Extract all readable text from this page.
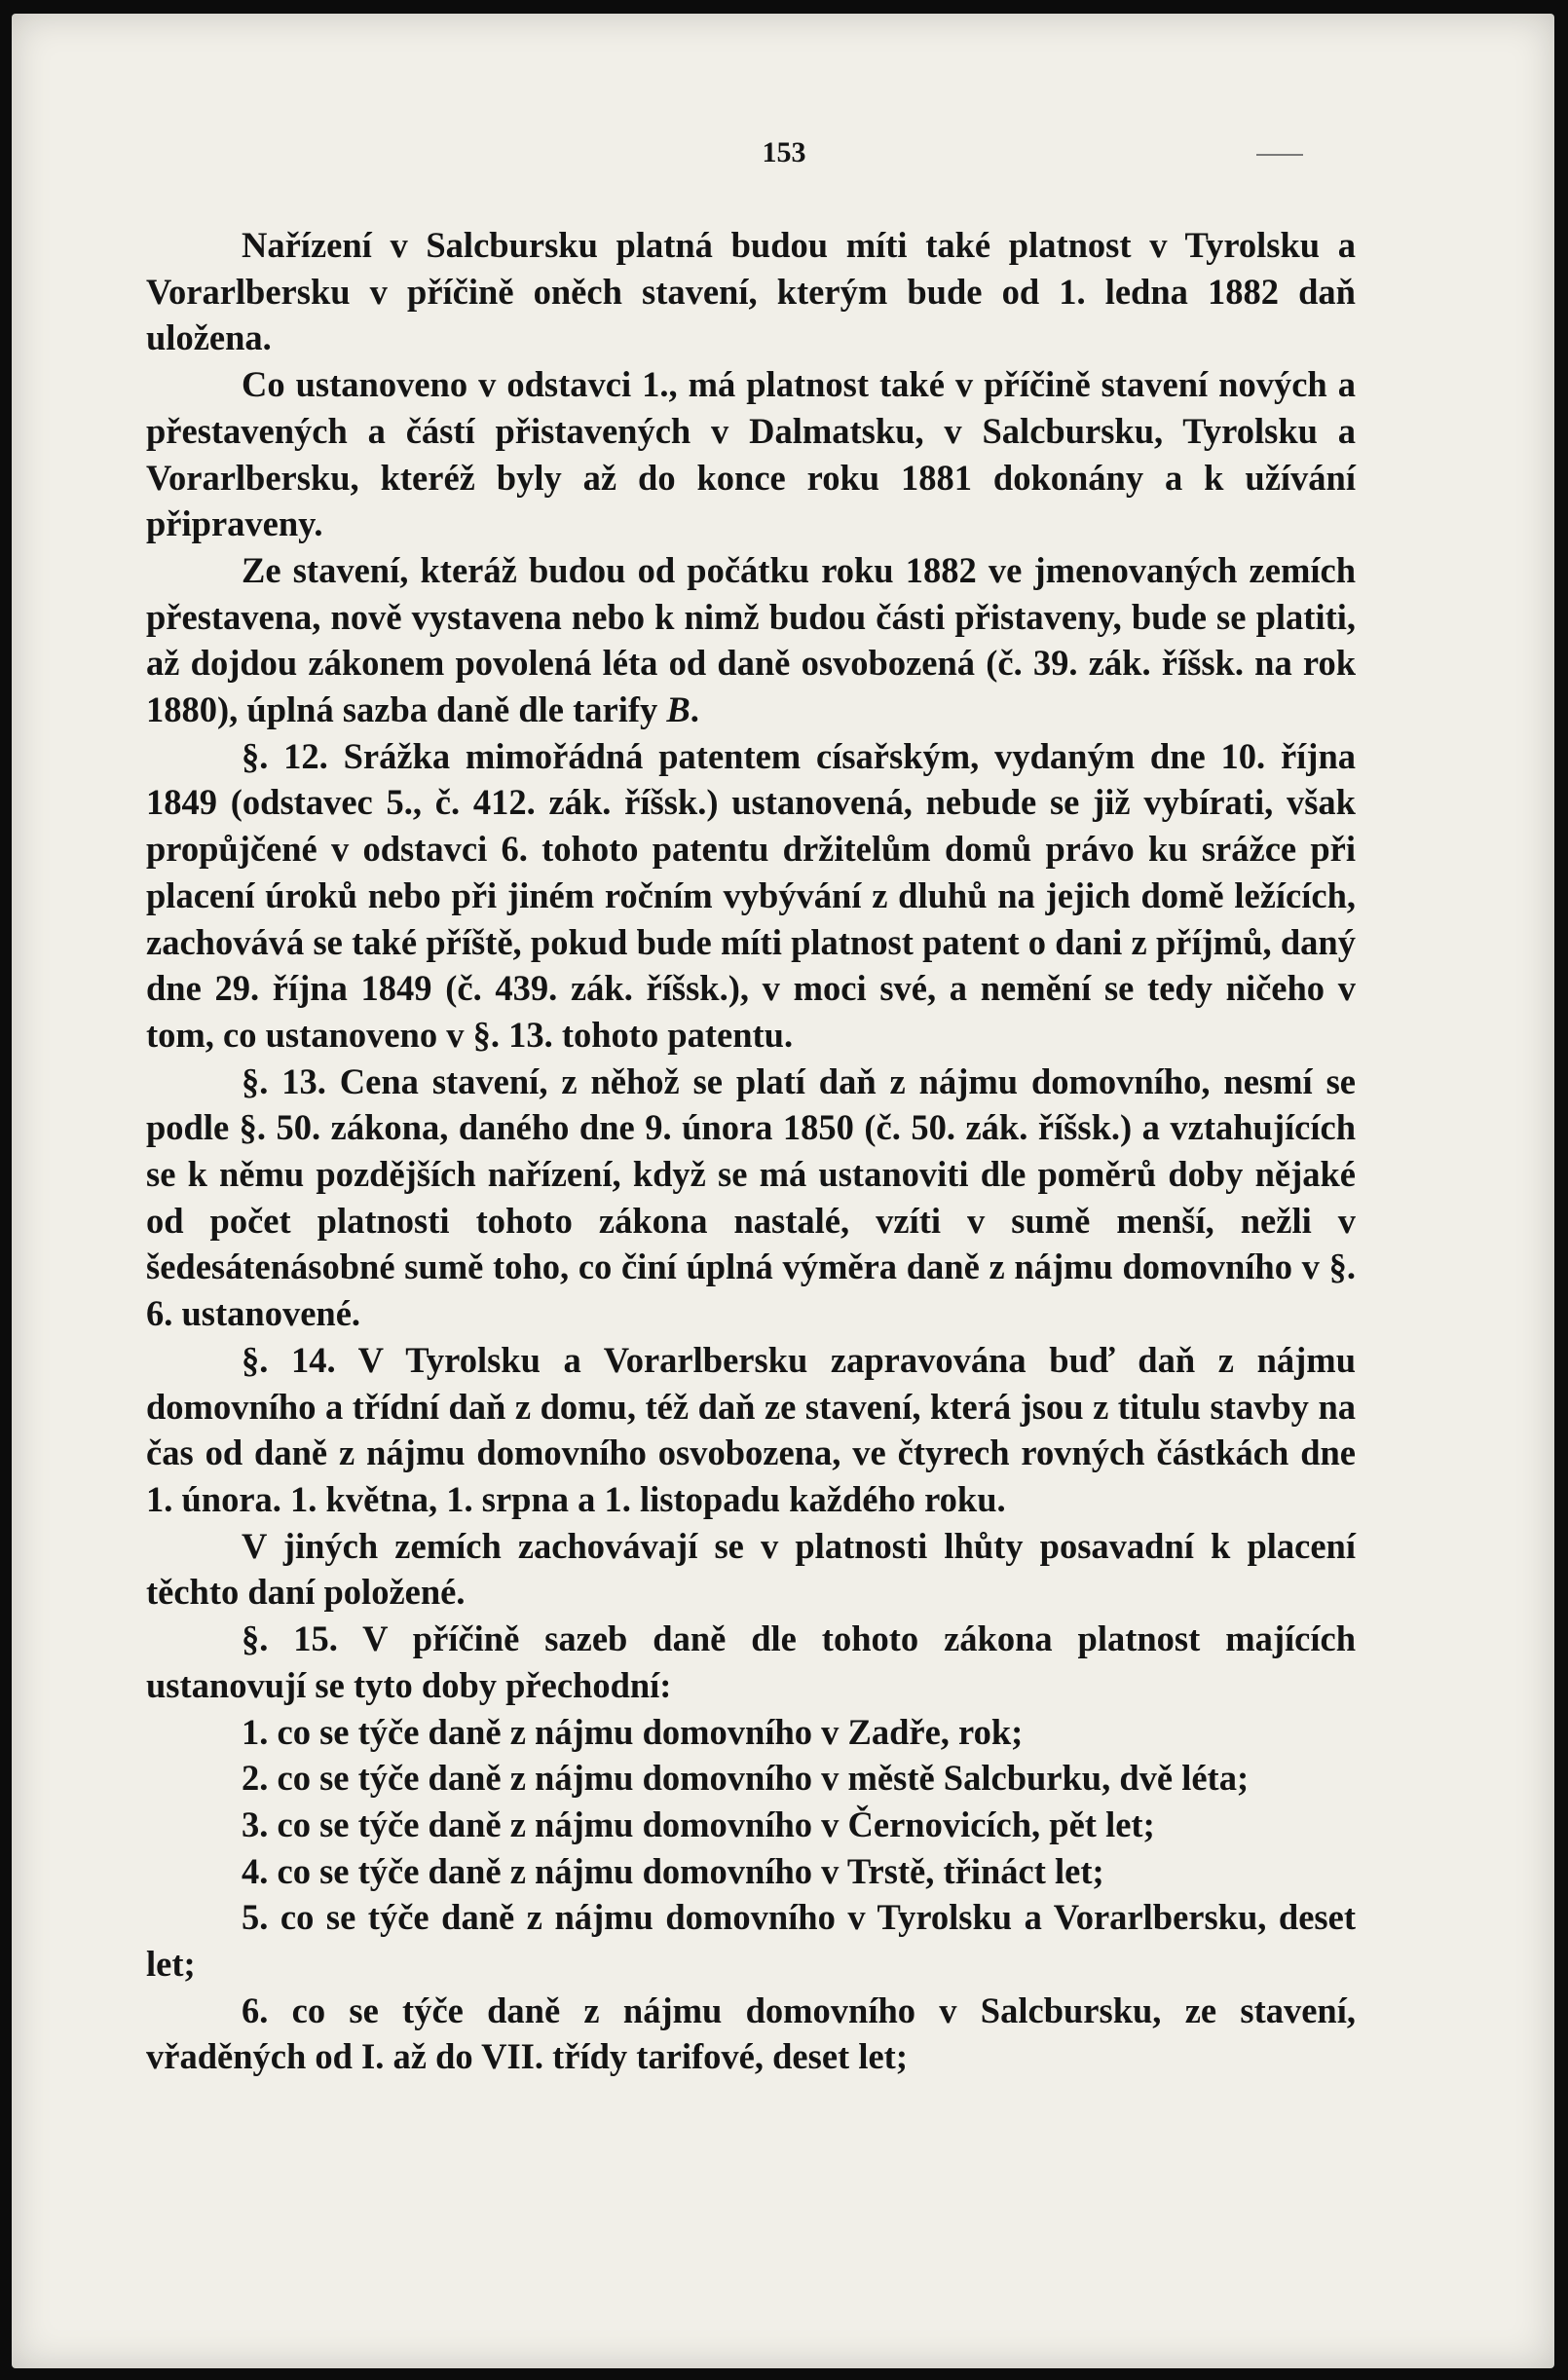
153

Nařízení v Salcbursku platná budou míti také platnost v Tyrolsku a Vorarlbersku v příčině oněch stavení, kterým bude od 1. ledna 1882 daň uložena.

Co ustanoveno v odstavci 1., má platnost také v příčině stavení nových a přestavených a částí přistavených v Dalmatsku, v Salcbursku, Tyrolsku a Vorarlbersku, kteréž byly až do konce roku 1881 dokonány a k užívání připraveny.

Ze stavení, kteráž budou od počátku roku 1882 ve jmenovaných zemích přestavena, nově vystavena nebo k nimž budou části přistaveny, bude se platiti, až dojdou zákonem povolená léta od daně osvobozená (č. 39. zák. říšsk. na rok 1880), úplná sazba daně dle tarify B.

§. 12. Srážka mimořádná patentem císařským, vydaným dne 10. října 1849 (odstavec 5., č. 412. zák. říšsk.) ustanovená, nebude se již vybírati, však propůjčené v odstavci 6. tohoto patentu držitelům domů právo ku srážce při placení úroků nebo při jiném ročním vybývání z dluhů na jejich domě ležících, zachovává se také příště, pokud bude míti platnost patent o dani z příjmů, daný dne 29. října 1849 (č. 439. zák. říšsk.), v moci své, a nemění se tedy ničeho v tom, co ustanoveno v §. 13. tohoto patentu.

§. 13. Cena stavení, z něhož se platí daň z nájmu domovního, nesmí se podle §. 50. zákona, daného dne 9. února 1850 (č. 50. zák. říšsk.) a vztahujících se k němu pozdějších nařízení, když se má ustanoviti dle poměrů doby nějaké od počet platnosti tohoto zákona nastalé, vzíti v sumě menší, nežli v šedesátenásobné sumě toho, co činí úplná výměra daně z nájmu domovního v §. 6. ustanovené.

§. 14. V Tyrolsku a Vorarlbersku zapravována buď daň z nájmu domovního a třídní daň z domu, též daň ze stavení, která jsou z titulu stavby na čas od daně z nájmu domovního osvobozena, ve čtyrech rovných částkách dne 1. února. 1. května, 1. srpna a 1. listopadu každého roku.

V jiných zemích zachovávají se v platnosti lhůty posavadní k placení těchto daní položené.

§. 15. V příčině sazeb daně dle tohoto zákona platnost majících ustanovují se tyto doby přechodní:

1. co se týče daně z nájmu domovního v Zadře, rok;

2. co se týče daně z nájmu domovního v městě Salcburku, dvě léta;

3. co se týče daně z nájmu domovního v Černovicích, pět let;

4. co se týče daně z nájmu domovního v Trstě, třináct let;

5. co se týče daně z nájmu domovního v Tyrolsku a Vorarlbersku, deset let;

6. co se týče daně z nájmu domovního v Salcbursku, ze stavení, vřaděných od I. až do VII. třídy tarifové, deset let;
